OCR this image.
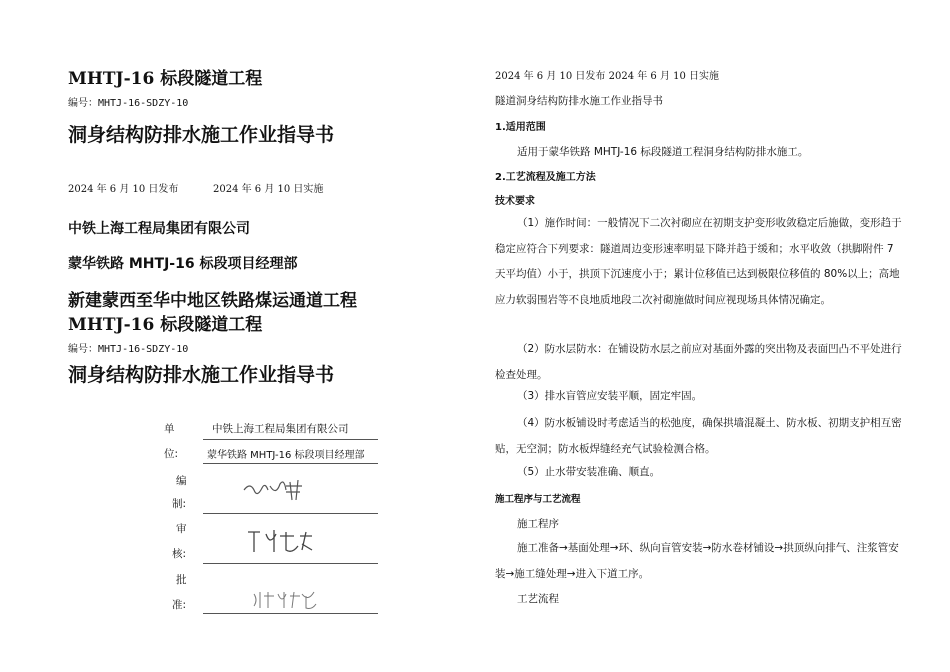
MHTJ-16 标段隧道工程
编号：MHTJ-16-SDZY-10
洞身结构防排水施工作业指导书
2024 年 6 月 10 日发布	2024 年 6 月 10 日实施
中铁上海工程局集团有限公司
蒙华铁路 MHTJ-16 标段项目经理部
新建蒙西至华中地区铁路煤运通道工程
MHTJ-16 标段隧道工程
编号：MHTJ-16-SDZY-10
洞身结构防排水施工作业指导书
单
位:
中铁上海工程局集团有限公司
蒙华铁路 MHTJ-16 标段项目经理部
编
制:
审
核:
批
准:
2024 年 6 月 10 日发布 2024 年 6 月 10 日实施
隧道洞身结构防排水施工作业指导书
1.适用范围
适用于蒙华铁路 MHTJ-16 标段隧道工程洞身结构防排水施工。
2.工艺流程及施工方法
技术要求
（1）施作时间：一般情况下二次衬砌应在初期支护变形收敛稳定后施做，变形趋于稳定应符合下列要求：隧道周边变形速率明显下降并趋于缓和；水平收敛（拱脚附件 7 天平均值）小于，拱顶下沉速度小于；累计位移值已达到极限位移值的 80%以上；高地应力软弱围岩等不良地质地段二次衬砌施做时间应视现场具体情况确定。
（2）防水层防水：在铺设防水层之前应对基面外露的突出物及表面凹凸不平处进行检查处理。
（3）排水盲管应安装平顺，固定牢固。
（4）防水板铺设时考虑适当的松弛度，确保拱墙混凝土、防水板、初期支护相互密贴，无空洞；防水板焊缝经充气试验检测合格。
（5）止水带安装准确、顺直。
施工程序与工艺流程
施工程序
施工准备→基面处理→环、纵向盲管安装→防水卷材铺设→拱顶纵向排气、注浆管安装→施工缝处理→进入下道工序。
工艺流程
